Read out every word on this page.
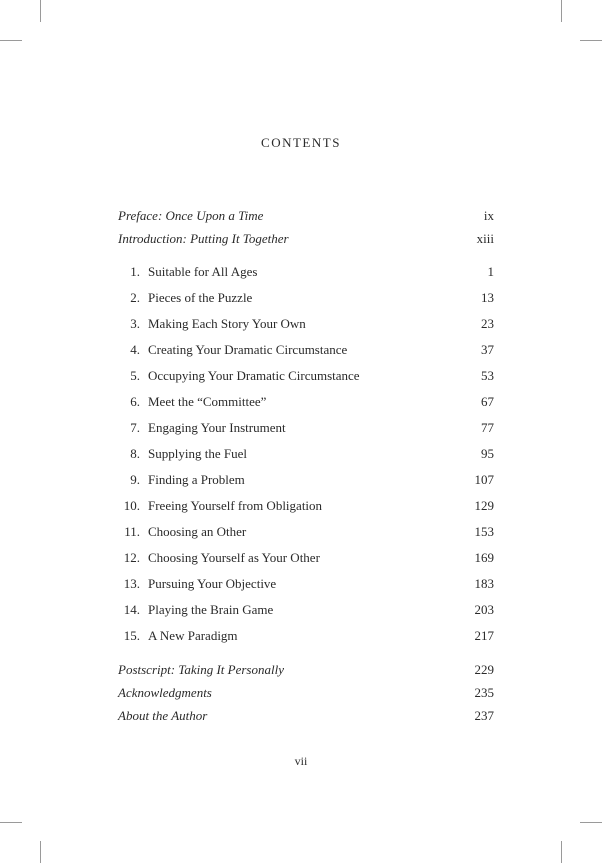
CONTENTS
Preface: Once Upon a Time	ix
Introduction: Putting It Together	xiii
1. Suitable for All Ages	1
2. Pieces of the Puzzle	13
3. Making Each Story Your Own	23
4. Creating Your Dramatic Circumstance	37
5. Occupying Your Dramatic Circumstance	53
6. Meet the “Committee”	67
7. Engaging Your Instrument	77
8. Supplying the Fuel	95
9. Finding a Problem	107
10. Freeing Yourself from Obligation	129
11. Choosing an Other	153
12. Choosing Yourself as Your Other	169
13. Pursuing Your Objective	183
14. Playing the Brain Game	203
15. A New Paradigm	217
Postscript: Taking It Personally	229
Acknowledgments	235
About the Author	237
vii
